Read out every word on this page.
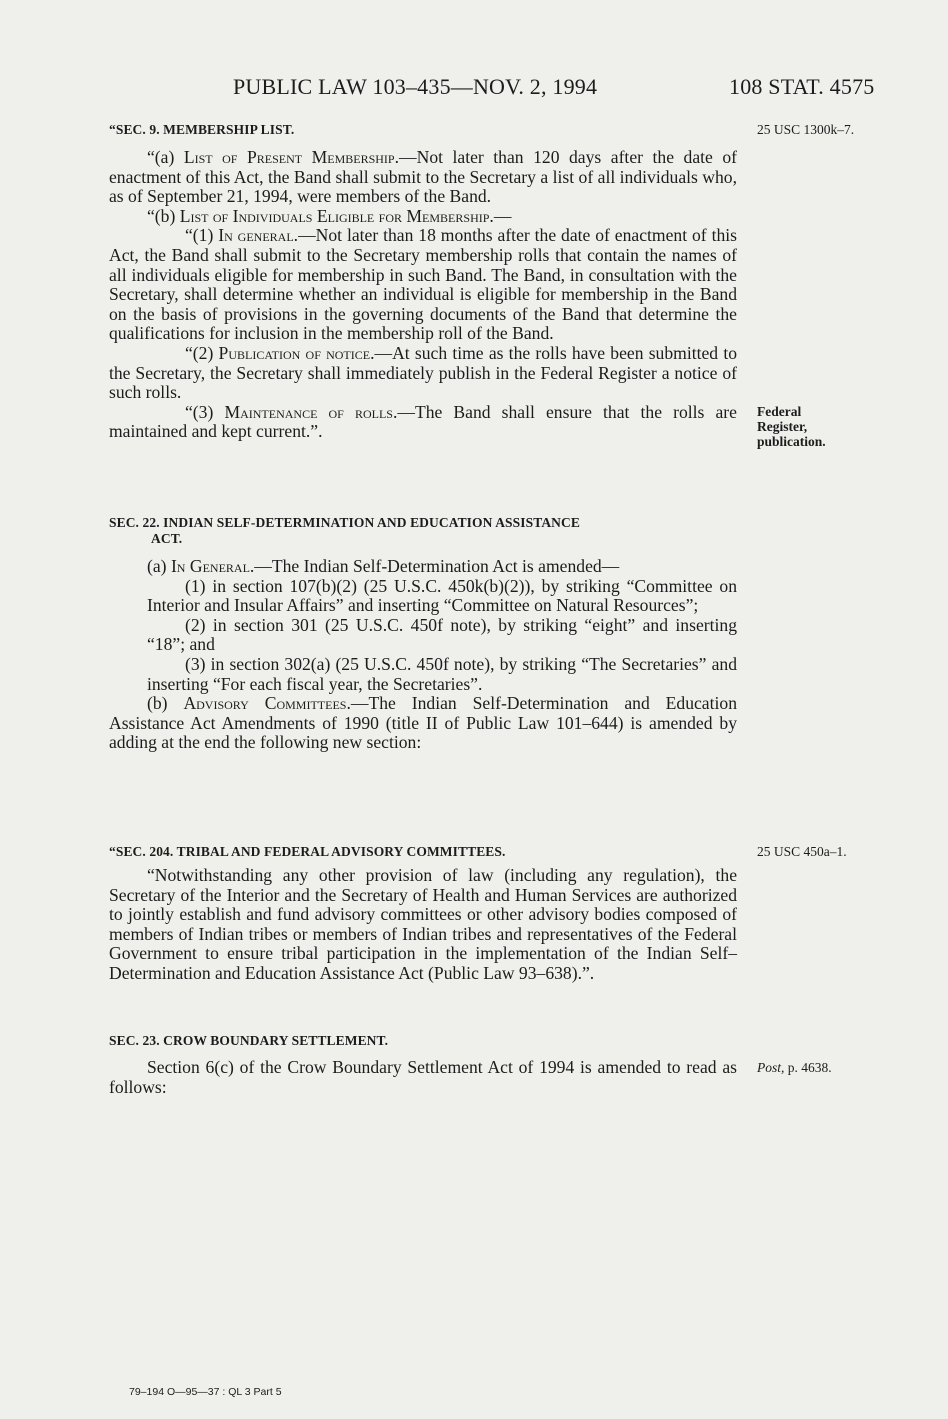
PUBLIC LAW 103–435—NOV. 2, 1994	108 STAT. 4575
25 USC 1300k–7.
Federal
Register,
publication.
25 USC 450a–1.
Post, p. 4638.

“SEC. 9. MEMBERSHIP LIST.

“(a) List of Present Membership.—Not later than 120 days after the date of enactment of this Act, the Band shall submit to the Secretary a list of all individuals who, as of September 21, 1994, were members of the Band.

“(b) List of Individuals Eligible for Membership.—

“(1) In general.—Not later than 18 months after the date of enactment of this Act, the Band shall submit to the Secretary membership rolls that contain the names of all individuals eligible for membership in such Band. The Band, in consultation with the Secretary, shall determine whether an individual is eligible for membership in the Band on the basis of provisions in the governing documents of the Band that determine the qualifications for inclusion in the membership roll of the Band.

“(2) Publication of notice.—At such time as the rolls have been submitted to the Secretary, the Secretary shall immediately publish in the Federal Register a notice of such rolls.

“(3) Maintenance of rolls.—The Band shall ensure that the rolls are maintained and kept current.”.

SEC. 22. INDIAN SELF-DETERMINATION AND EDUCATION ASSISTANCE

ACT.

(a) In General.—The Indian Self-Determination Act is amended—

(1) in section 107(b)(2) (25 U.S.C. 450k(b)(2)), by striking “Committee on Interior and Insular Affairs” and inserting “Committee on Natural Resources”;

(2) in section 301 (25 U.S.C. 450f note), by striking “eight” and inserting “18”; and

(3) in section 302(a) (25 U.S.C. 450f note), by striking “The Secretaries” and inserting “For each fiscal year, the Secretaries”.

(b) Advisory Committees.—The Indian Self-Determination and Education Assistance Act Amendments of 1990 (title II of Public Law 101–644) is amended by adding at the end the following new section:

“SEC. 204. TRIBAL AND FEDERAL ADVISORY COMMITTEES.

“Notwithstanding any other provision of law (including any regulation), the Secretary of the Interior and the Secretary of Health and Human Services are authorized to jointly establish and fund advisory committees or other advisory bodies composed of members of Indian tribes or members of Indian tribes and representatives of the Federal Government to ensure tribal participation in the implementation of the Indian Self–Determination and Education Assistance Act (Public Law 93–638).”.

SEC. 23. CROW BOUNDARY SETTLEMENT.

Section 6(c) of the Crow Boundary Settlement Act of 1994 is amended to read as follows:

79–194 O—95—37 : QL 3 Part 5
